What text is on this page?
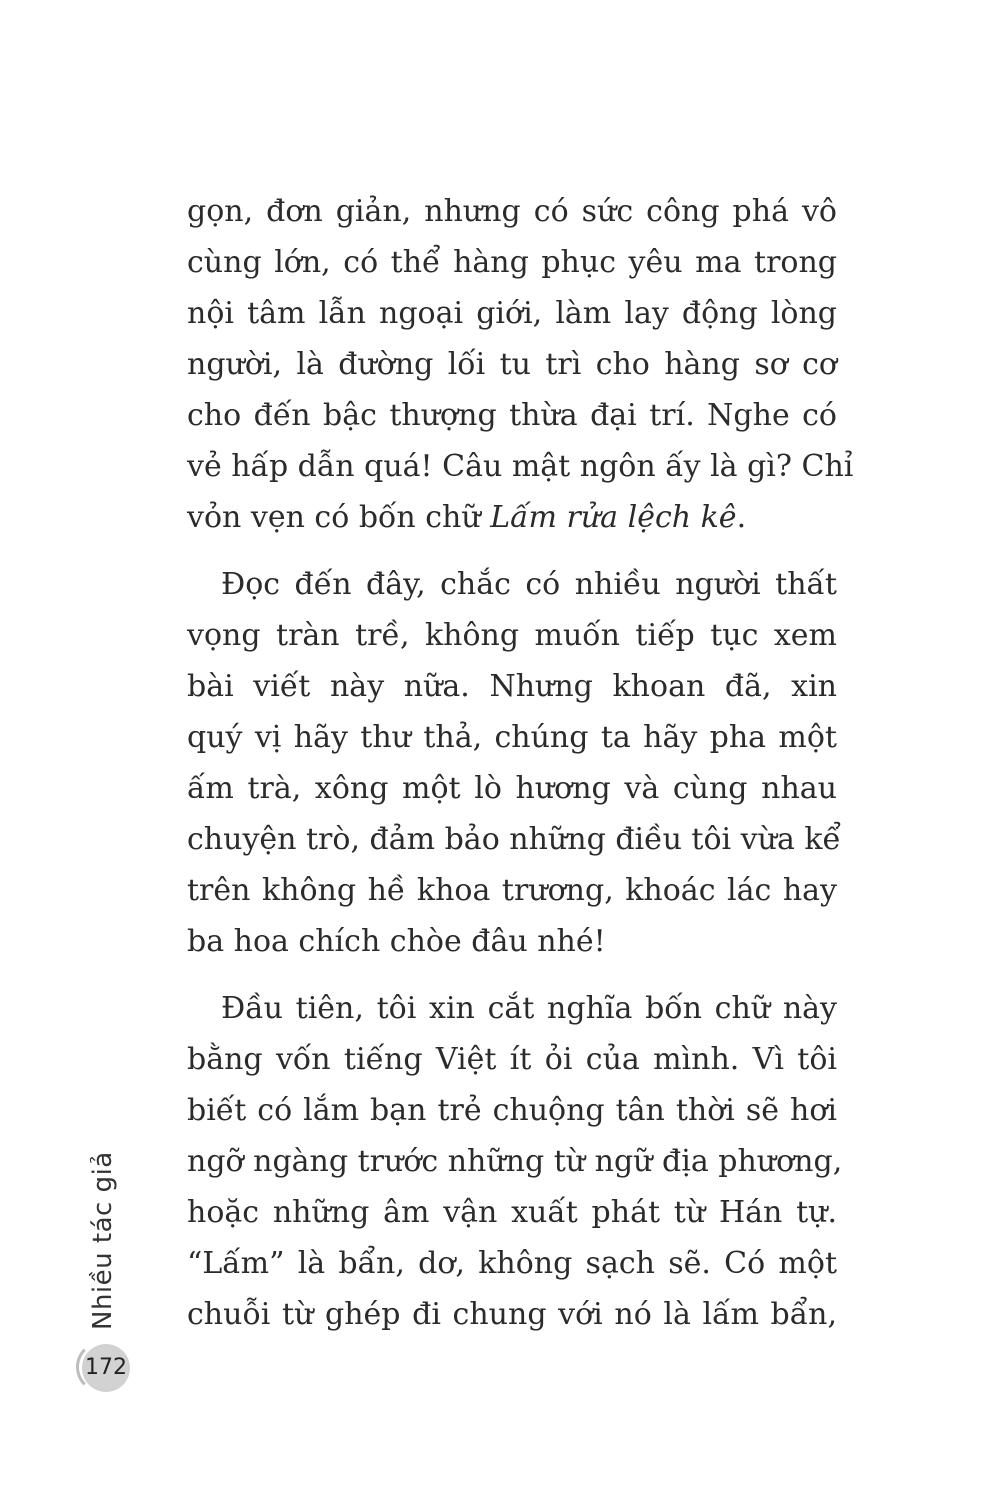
gọn, đơn giản, nhưng có sức công phá vô
cùng lớn, có thể hàng phục yêu ma trong
nội tâm lẫn ngoại giới, làm lay động lòng
người, là đường lối tu trì cho hàng sơ cơ
cho đến bậc thượng thừa đại trí. Nghe có
vẻ hấp dẫn quá! Câu mật ngôn ấy là gì? Chỉ
vỏn vẹn có bốn chữ Lấm rửa lệch kê.

Đọc đến đây, chắc có nhiều người thất
vọng tràn trề, không muốn tiếp tục xem
bài viết này nữa. Nhưng khoan đã, xin
quý vị hãy thư thả, chúng ta hãy pha một
ấm trà, xông một lò hương và cùng nhau
chuyện trò, đảm bảo những điều tôi vừa kể
trên không hề khoa trương, khoác lác hay
ba hoa chích chòe đâu nhé!

Đầu tiên, tôi xin cắt nghĩa bốn chữ này
bằng vốn tiếng Việt ít ỏi của mình. Vì tôi
biết có lắm bạn trẻ chuộng tân thời sẽ hơi
ngỡ ngàng trước những từ ngữ địa phương,
hoặc những âm vận xuất phát từ Hán tự.
“Lấm” là bẩn, dơ, không sạch sẽ. Có một
chuỗi từ ghép đi chung với nó là lấm bẩn,

Nhiều tác giả
172
